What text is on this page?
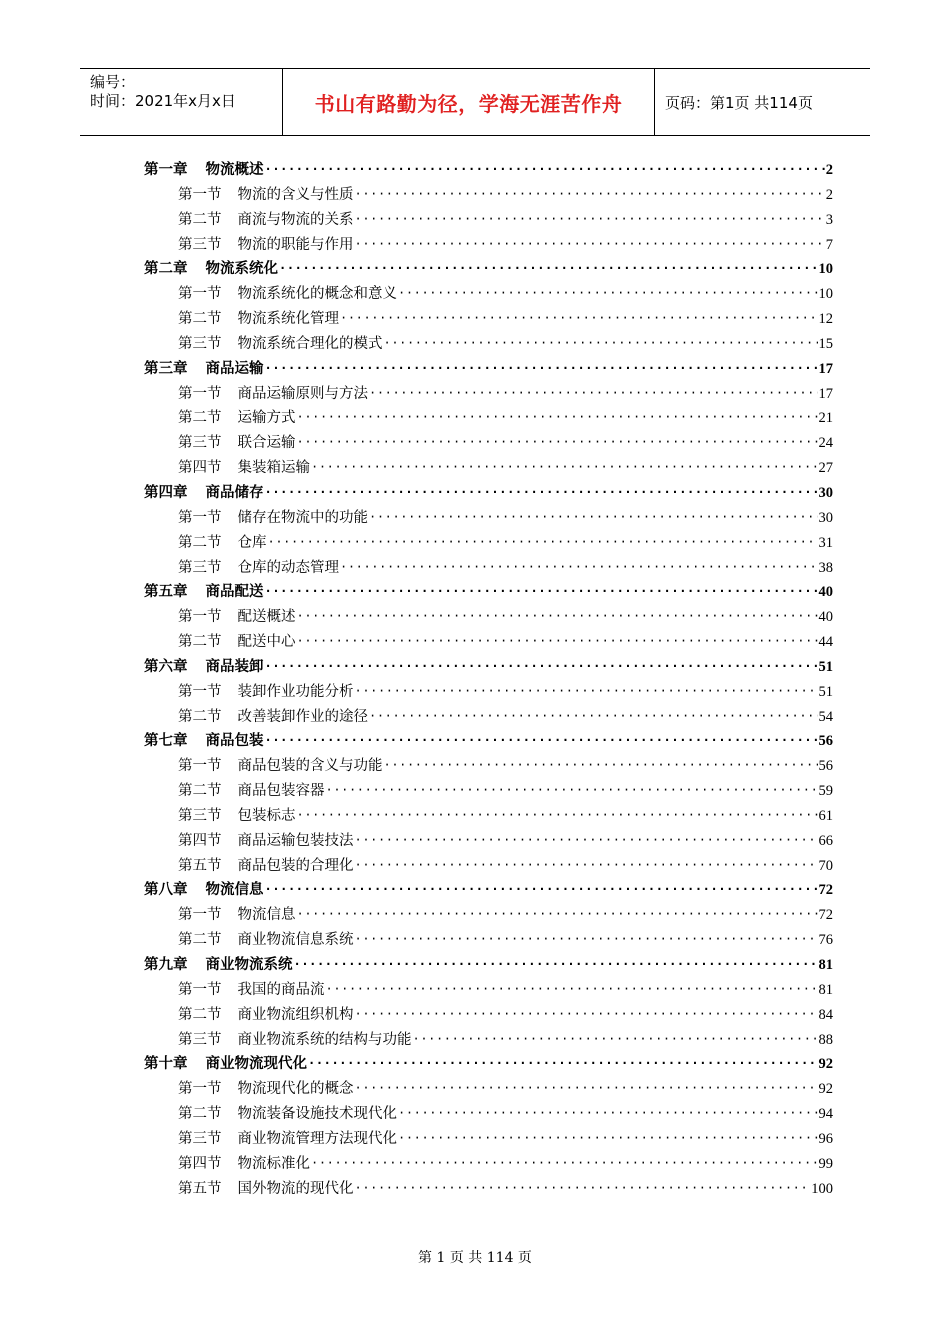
编号：
时间：2021年x月x日	书山有路勤为径，学海无涯苦作舟	页码：第1页 共114页
第一章 物流概述 ·····	2
第一节 物流的含义与性质 ·····	2
第二节 商流与物流的关系 ·····	3
第三节 物流的职能与作用 ·····	7
第二章 物流系统化 ·····	10
第一节 物流系统化的概念和意义 ·····	10
第二节 物流系统化管理 ·····	12
第三节 物流系统合理化的模式 ·····	15
第三章 商品运输 ·····	17
第一节 商品运输原则与方法 ·····	17
第二节 运输方式 ·····	21
第三节 联合运输 ·····	24
第四节 集装箱运输 ·····	27
第四章 商品储存 ·····	30
第一节 储存在物流中的功能 ·····	30
第二节 仓库 ·····	31
第三节 仓库的动态管理 ·····	38
第五章 商品配送 ·····	40
第一节 配送概述 ·····	40
第二节 配送中心 ·····	44
第六章 商品装卸 ·····	51
第一节 装卸作业功能分析 ·····	51
第二节 改善装卸作业的途径 ·····	54
第七章 商品包装 ·····	56
第一节 商品包装的含义与功能 ·····	56
第二节 商品包装容器 ·····	59
第三节 包装标志 ·····	61
第四节 商品运输包装技法 ·····	66
第五节 商品包装的合理化 ·····	70
第八章 物流信息 ·····	72
第一节 物流信息 ·····	72
第二节 商业物流信息系统 ·····	76
第九章 商业物流系统 ·····	81
第一节 我国的商品流 ·····	81
第二节 商业物流组织机构 ·····	84
第三节 商业物流系统的结构与功能 ·····	88
第十章 商业物流现代化 ·····	92
第一节 物流现代化的概念 ·····	92
第二节 物流装备设施技术现代化 ·····	94
第三节 商业物流管理方法现代化 ·····	96
第四节 物流标准化 ·····	99
第五节 国外物流的现代化 ·····	100
第 1 页 共 114 页
